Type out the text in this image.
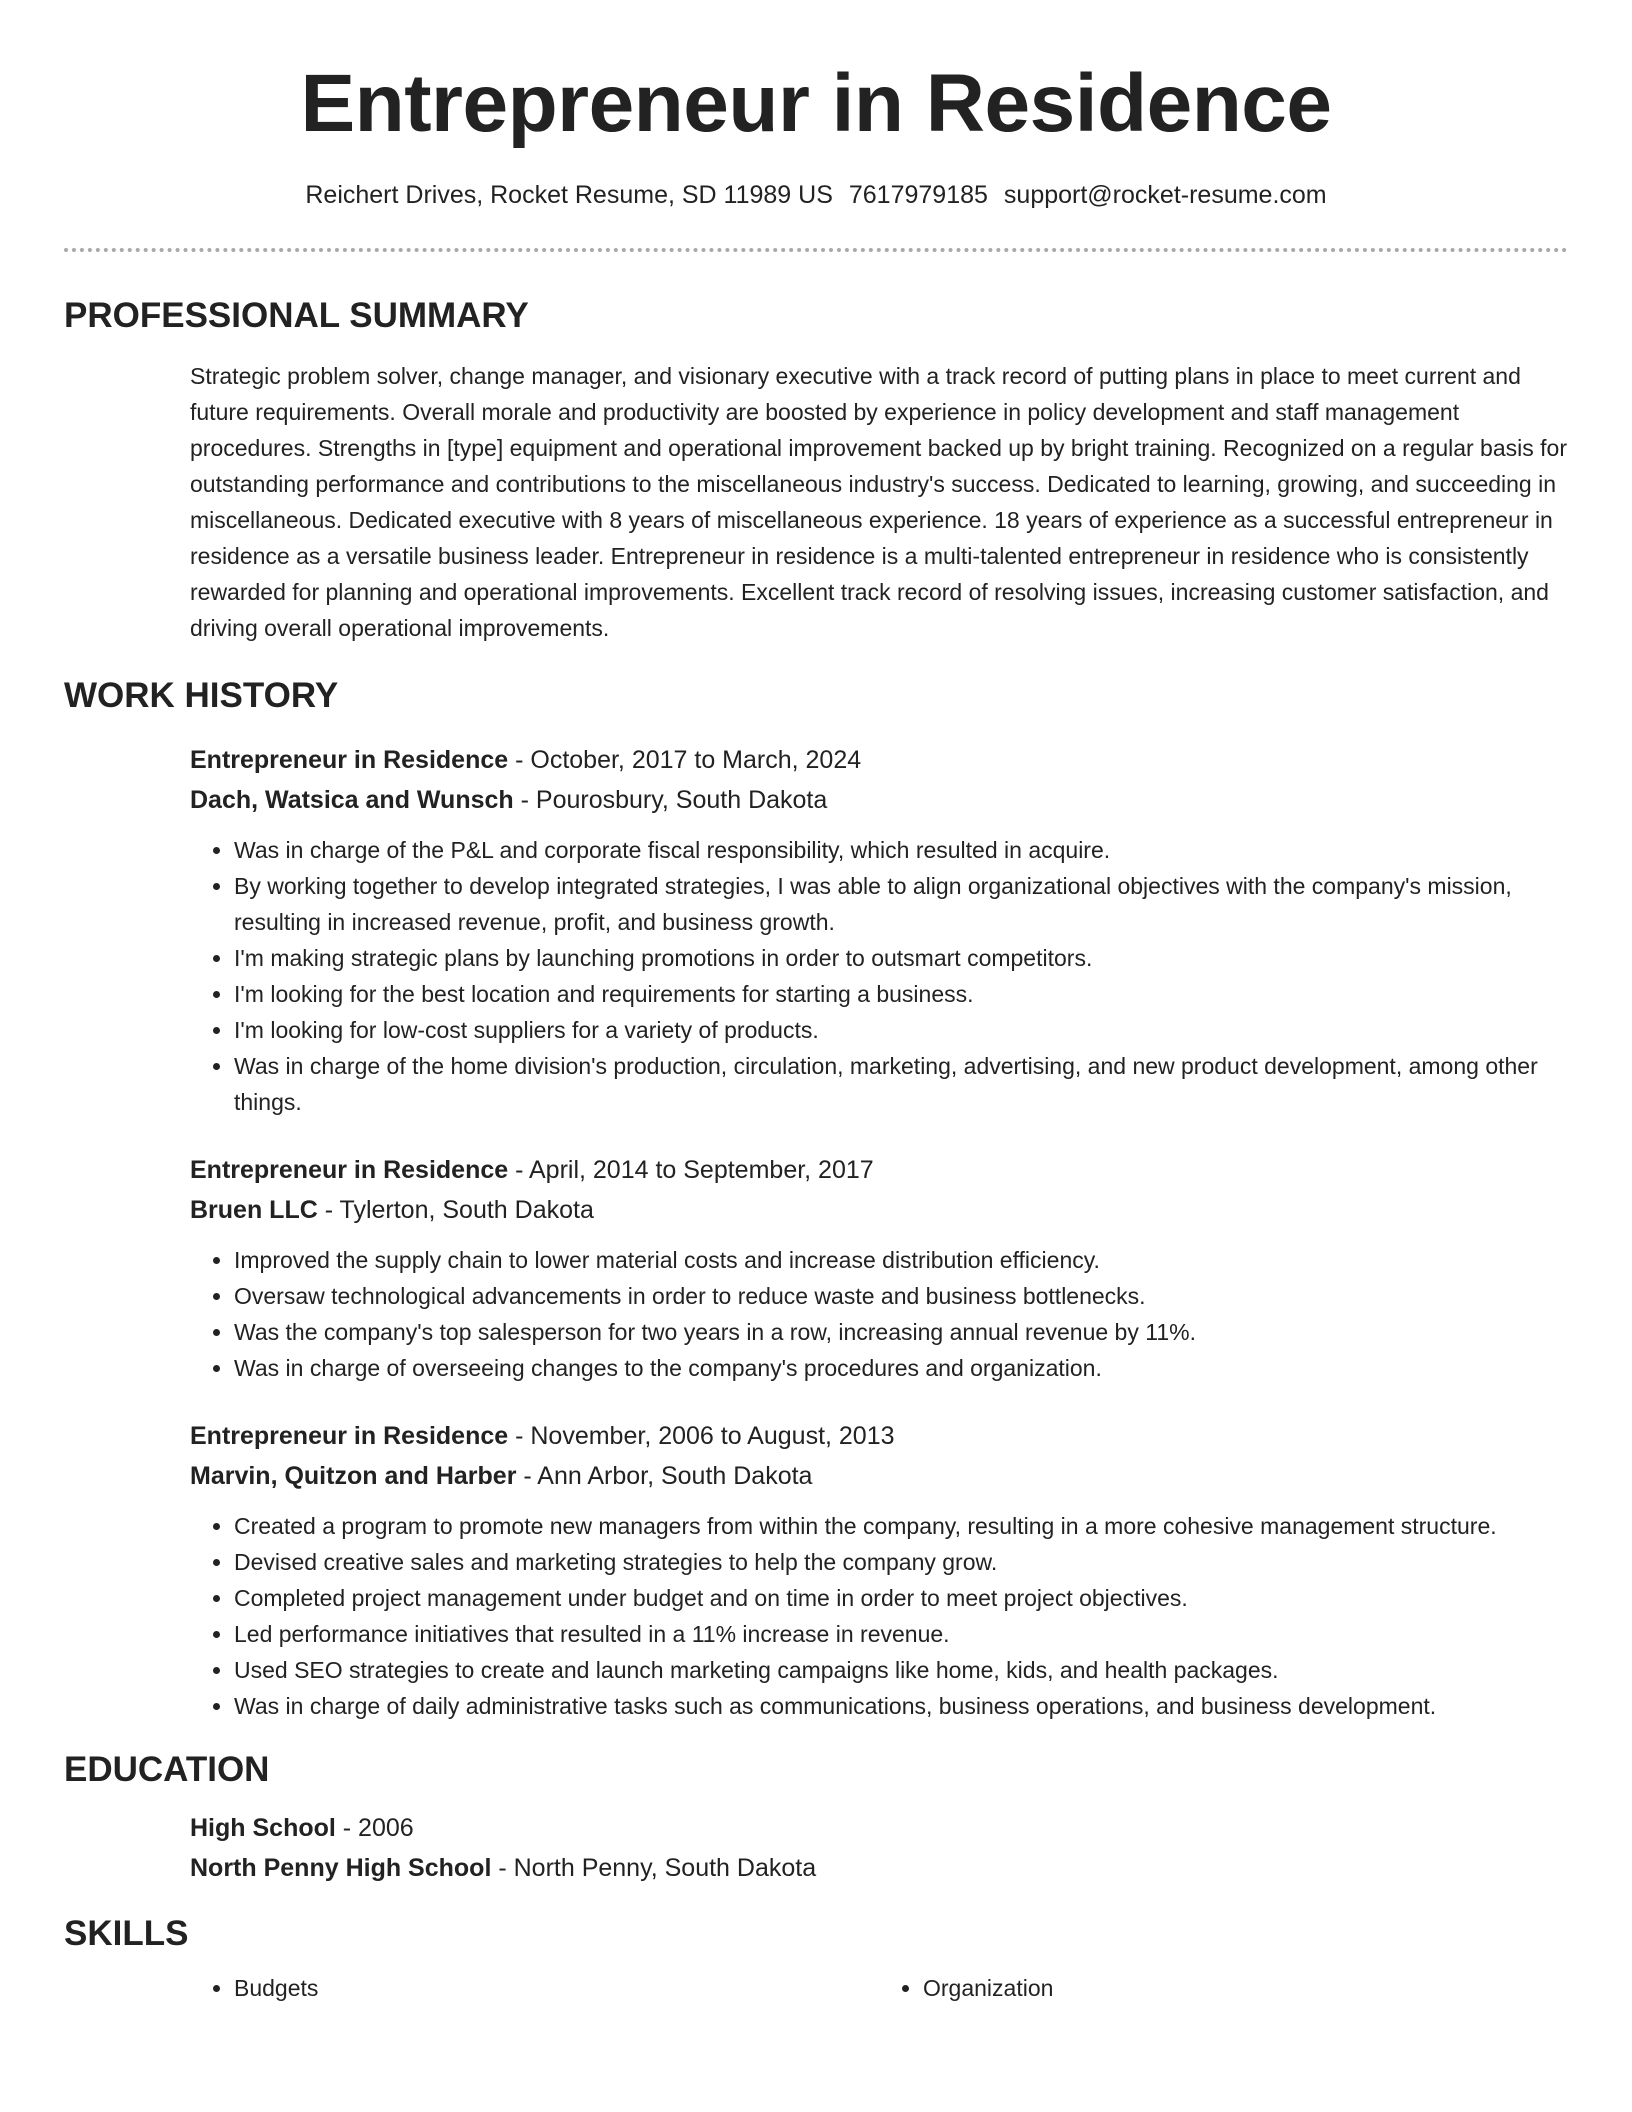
Entrepreneur in Residence
Reichert Drives, Rocket Resume, SD 11989 US 7617979185 support@rocket-resume.com
PROFESSIONAL SUMMARY
Strategic problem solver, change manager, and visionary executive with a track record of putting plans in place to meet current and future requirements. Overall morale and productivity are boosted by experience in policy development and staff management procedures. Strengths in [type] equipment and operational improvement backed up by bright training. Recognized on a regular basis for outstanding performance and contributions to the miscellaneous industry's success. Dedicated to learning, growing, and succeeding in miscellaneous. Dedicated executive with 8 years of miscellaneous experience. 18 years of experience as a successful entrepreneur in residence as a versatile business leader. Entrepreneur in residence is a multi-talented entrepreneur in residence who is consistently rewarded for planning and operational improvements. Excellent track record of resolving issues, increasing customer satisfaction, and driving overall operational improvements.
WORK HISTORY
Entrepreneur in Residence - October, 2017 to March, 2024
Dach, Watsica and Wunsch - Pourosbury, South Dakota
• Was in charge of the P&L and corporate fiscal responsibility, which resulted in acquire.
• By working together to develop integrated strategies, I was able to align organizational objectives with the company's mission, resulting in increased revenue, profit, and business growth.
• I'm making strategic plans by launching promotions in order to outsmart competitors.
• I'm looking for the best location and requirements for starting a business.
• I'm looking for low-cost suppliers for a variety of products.
• Was in charge of the home division's production, circulation, marketing, advertising, and new product development, among other things.
Entrepreneur in Residence - April, 2014 to September, 2017
Bruen LLC - Tylerton, South Dakota
• Improved the supply chain to lower material costs and increase distribution efficiency.
• Oversaw technological advancements in order to reduce waste and business bottlenecks.
• Was the company's top salesperson for two years in a row, increasing annual revenue by 11%.
• Was in charge of overseeing changes to the company's procedures and organization.
Entrepreneur in Residence - November, 2006 to August, 2013
Marvin, Quitzon and Harber - Ann Arbor, South Dakota
• Created a program to promote new managers from within the company, resulting in a more cohesive management structure.
• Devised creative sales and marketing strategies to help the company grow.
• Completed project management under budget and on time in order to meet project objectives.
• Led performance initiatives that resulted in a 11% increase in revenue.
• Used SEO strategies to create and launch marketing campaigns like home, kids, and health packages.
• Was in charge of daily administrative tasks such as communications, business operations, and business development.
EDUCATION
High School - 2006
North Penny High School - North Penny, South Dakota
SKILLS
• Budgets
•	Organization
